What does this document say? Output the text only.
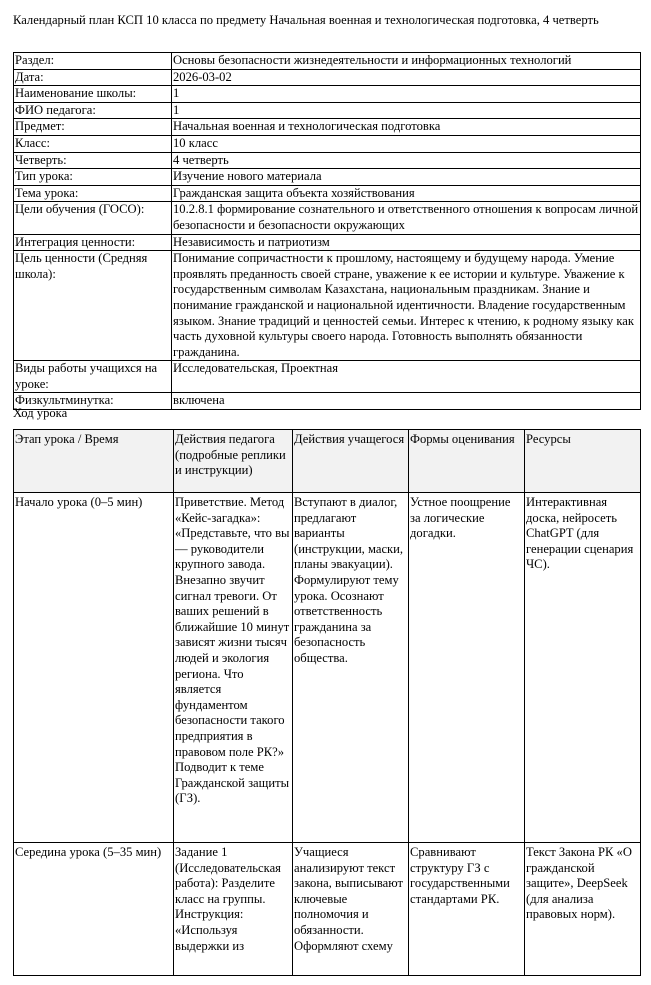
Календарный план КСП 10 класса по предмету Начальная военная и технологическая подготовка, 4 четверть
Раздел:	Основы безопасности жизнедеятельности и информационных технологий
Дата:	2026-03-02
Наименование школы:	1
ФИО педагога:	1
Предмет:	Начальная военная и технологическая подготовка
Класс:	10 класс
Четверть:	4 четверть
Тип урока:	Изучение нового материала
Тема урока:	Гражданская защита объекта хозяйствования
Цели обучения (ГОСО):	10.2.8.1 формирование сознательного и ответственного отношения к вопросам личной безопасности и безопасности окружающих
Интеграция ценности:	Независимость и патриотизм
Цель ценности (Средняя школа):	Понимание сопричастности к прошлому, настоящему и будущему народа. Умение проявлять преданность своей стране, уважение к ее истории и культуре. Уважение к государственным символам Казахстана, национальным праздникам. Знание и понимание гражданской и национальной идентичности. Владение государственным языком. Знание традиций и ценностей семьи. Интерес к чтению, к родному языку как часть духовной культуры своего народа. Готовность выполнять обязанности гражданина.
Виды работы учащихся на уроке:	Исследовательская, Проектная
Физкультминутка:	включена
Ход урока
Этап урока / Время	Действия педагога (подробные реплики и инструкции)	Действия учащегося	Формы оценивания	Ресурсы
Начало урока (0–5 мин)	Приветствие. Метод «Кейс-загадка»: «Представьте, что вы — руководители крупного завода. Внезапно звучит сигнал тревоги. От ваших решений в ближайшие 10 минут зависят жизни тысяч людей и экология региона. Что является фундаментом безопасности такого предприятия в правовом поле РК?» Подводит к теме Гражданской защиты (ГЗ).	Вступают в диалог, предлагают варианты (инструкции, маски, планы эвакуации). Формулируют тему урока. Осознают ответственность гражданина за безопасность общества.	Устное поощрение за логические догадки.	Интерактивная доска, нейросеть ChatGPT (для генерации сценария ЧС).
Середина урока (5–35 мин)	Задание 1 (Исследовательская работа): Разделите класс на группы. Инструкция: «Используя выдержки из	Учащиеся анализируют текст закона, выписывают ключевые полномочия и обязанности. Оформляют схему	Сравнивают структуру ГЗ с государственными стандартами РК.	Текст Закона РК «О гражданской защите», DeepSeek (для анализа правовых норм).
